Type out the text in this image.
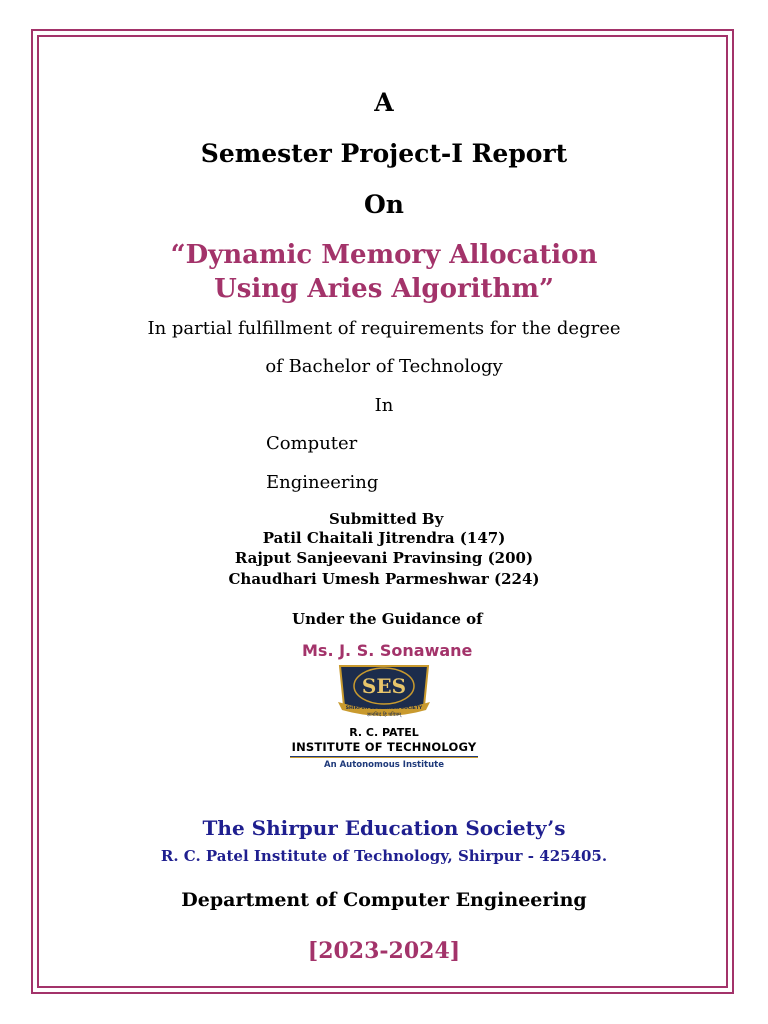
A
Semester Project-I Report
On
“Dynamic Memory Allocation
Using Aries Algorithm”
In partial fulfillment of requirements for the degree
of Bachelor of Technology
In
Computer
Engineering
Submitted By
Patil Chaitali Jitrendra (147)
Rajput Sanjeevani Pravinsing (200)
Chaudhari Umesh Parmeshwar (224)
Under the Guidance of
Ms. J. S. Sonawane
SES
SHIRPUR EDUCATION SOCIETY
ज्ञानमिदं हि पवित्रम्
R. C. PATEL
INSTITUTE OF TECHNOLOGY
An Autonomous Institute
The Shirpur Education Society’s
R. C. Patel Institute of Technology, Shirpur - 425405.
Department of Computer Engineering
[2023-2024]
